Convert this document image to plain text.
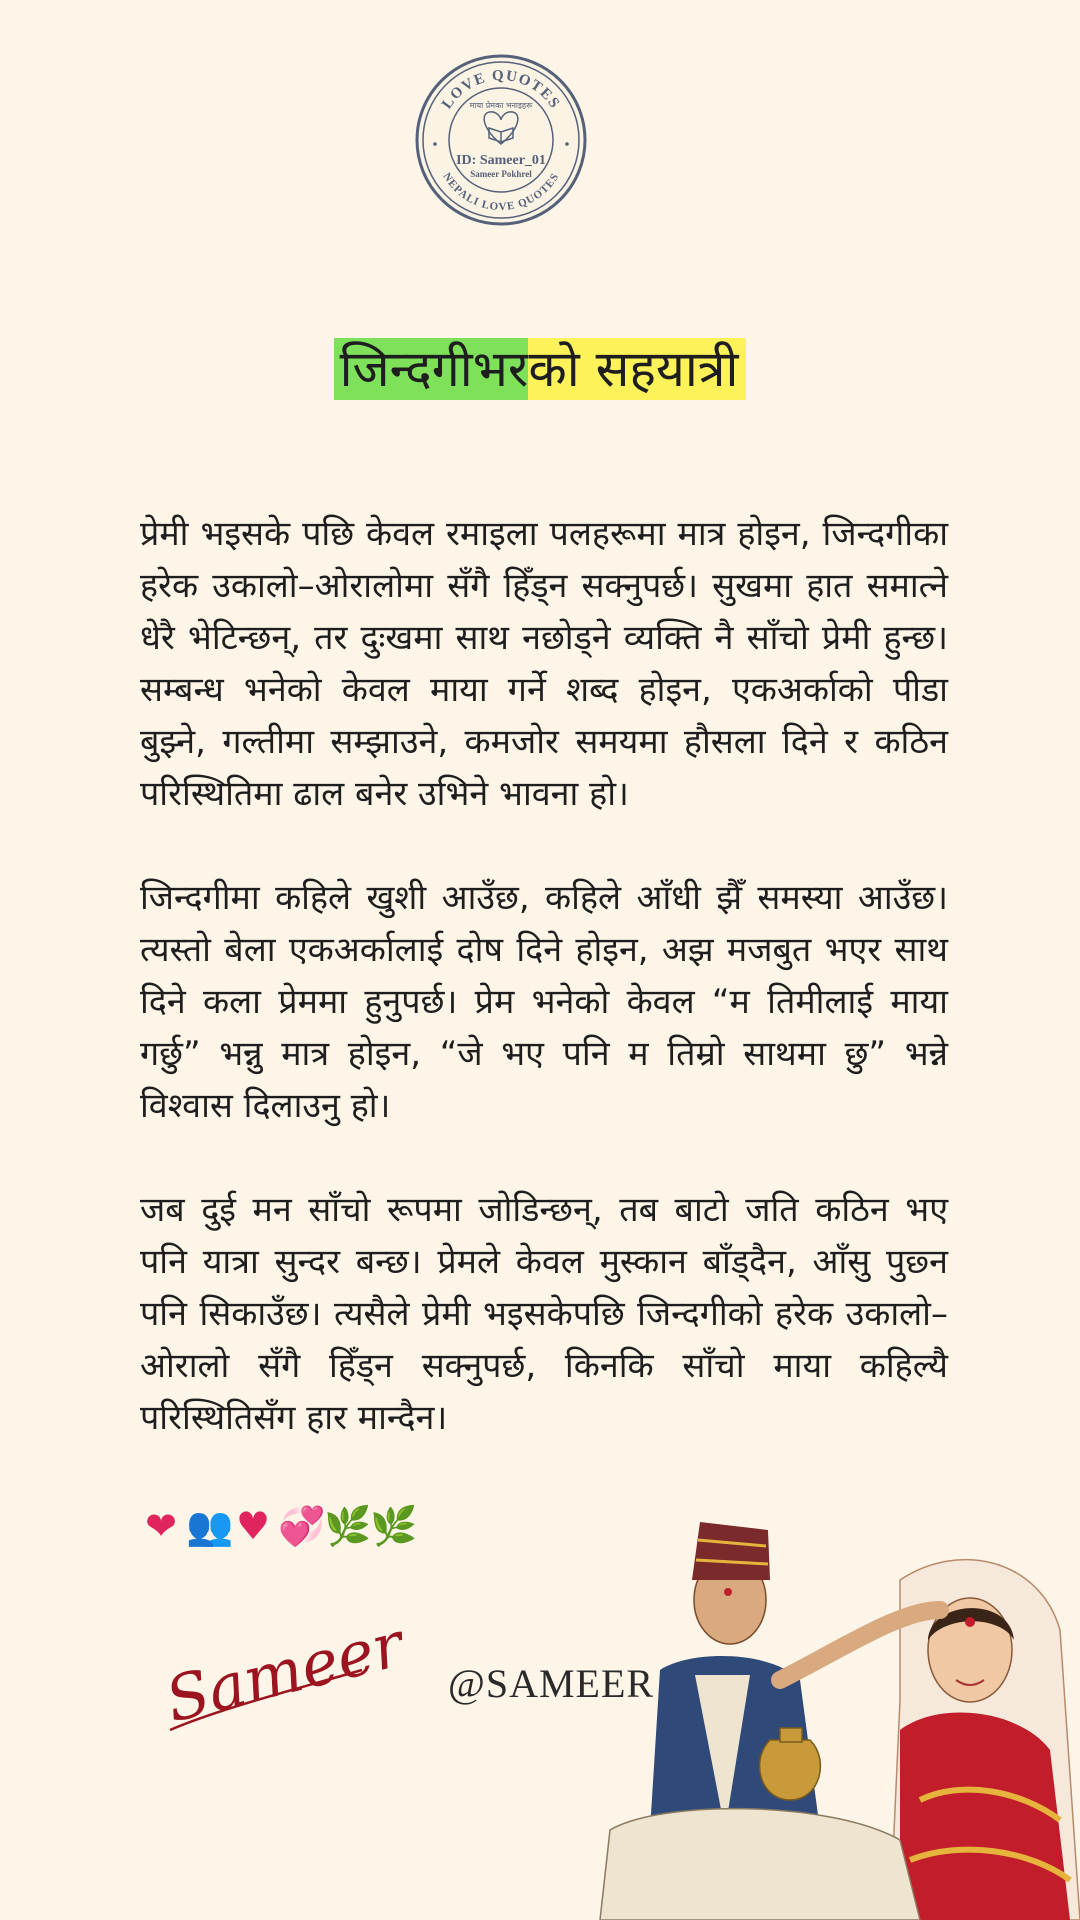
LOVE QUOTES
NEPALI LOVE QUOTES
माया प्रेमका भनाइहरू
ID: Sameer_01
Sameer Pokhrel
जिन्दगीभरको सहयात्री

प्रेमी भइसके पछि केवल रमाइला पलहरूमा मात्र होइन, जिन्दगीका हरेक उकालो–ओरालोमा सँगै हिँड्न सक्नुपर्छ। सुखमा हात समात्ने धेरै भेटिन्छन्, तर दुःखमा साथ नछोड्ने व्यक्ति नै साँचो प्रेमी हुन्छ। सम्बन्ध भनेको केवल माया गर्ने शब्द होइन, एकअर्काको पीडा बुझ्ने, गल्तीमा सम्झाउने, कमजोर समयमा हौसला दिने र कठिन परिस्थितिमा ढाल बनेर उभिने भावना हो।

जिन्दगीमा कहिले खुशी आउँछ, कहिले आँधी झैँ समस्या आउँछ। त्यस्तो बेला एकअर्कालाई दोष दिने होइन, अझ मजबुत भएर साथ दिने कला प्रेममा हुनुपर्छ। प्रेम भनेको केवल “म तिमीलाई माया गर्छु” भन्नु मात्र होइन, “जे भए पनि म तिम्रो साथमा छु” भन्ने विश्वास दिलाउनु हो।

जब दुई मन साँचो रूपमा जोडिन्छन्, तब बाटो जति कठिन भए पनि यात्रा सुन्दर बन्छ। प्रेमले केवल मुस्कान बाँड्दैन, आँसु पुछ्न पनि सिकाउँछ। त्यसैले प्रेमी भइसकेपछि जिन्दगीको हरेक उकालो–ओरालो सँगै हिँड्न सक्नुपर्छ, किनकि साँचो माया कहिल्यै परिस्थितिसँग हार मान्दैन।

❤ 👥 ♥ 💞
🌿
🌿
Sameer @SAMEER
